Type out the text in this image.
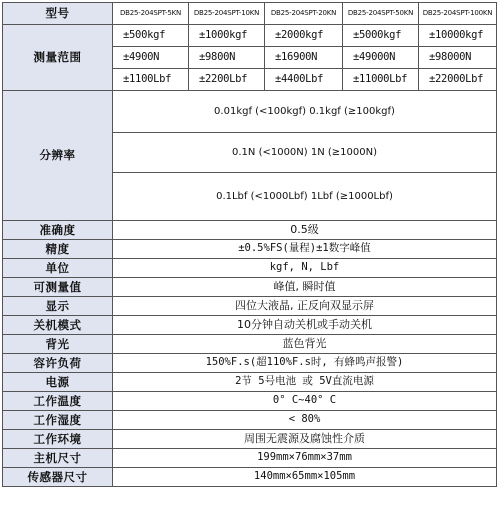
型号	DB25-204SPT-5KN	DB25-204SPT-10KN	DB25-204SPT-20KN	DB25-204SPT-50KN	DB25-204SPT-100KN
测量范围	±500kgf	±1000kgf	±2000kgf	±5000kgf	±10000kgf
	±4900N	±9800N	±16900N	±49000N	±98000N
	±1100Lbf	±2200Lbf	±4400Lbf	±11000Lbf	±22000Lbf
分辨率	0.01kgf (<100kgf) 0.1kgf (≥100kgf)				
	0.1N (<1000N) 1N (≥1000N)				
	0.1Lbf (<1000Lbf) 1Lbf (≥1000Lbf)				
准确度	0.5级				
精度	±0.5%FS(量程)±1数字峰值				
单位	kgf, N, Lbf				
可测量值	峰值, 瞬时值				
显示	四位大液晶, 正反向双显示屏				
关机模式	10分钟自动关机或手动关机				
背光	蓝色背光				
容许负荷	150%F.s(超110%F.s时, 有蜂鸣声报警)				
电源	2节 5号电池 或 5V直流电源				
工作温度	0° C~40° C				
工作湿度	< 80%				
工作环境	周围无震源及腐蚀性介质				
主机尺寸	199mm×76mm×37mm				
传感器尺寸	140mm×65mm×105mm				
